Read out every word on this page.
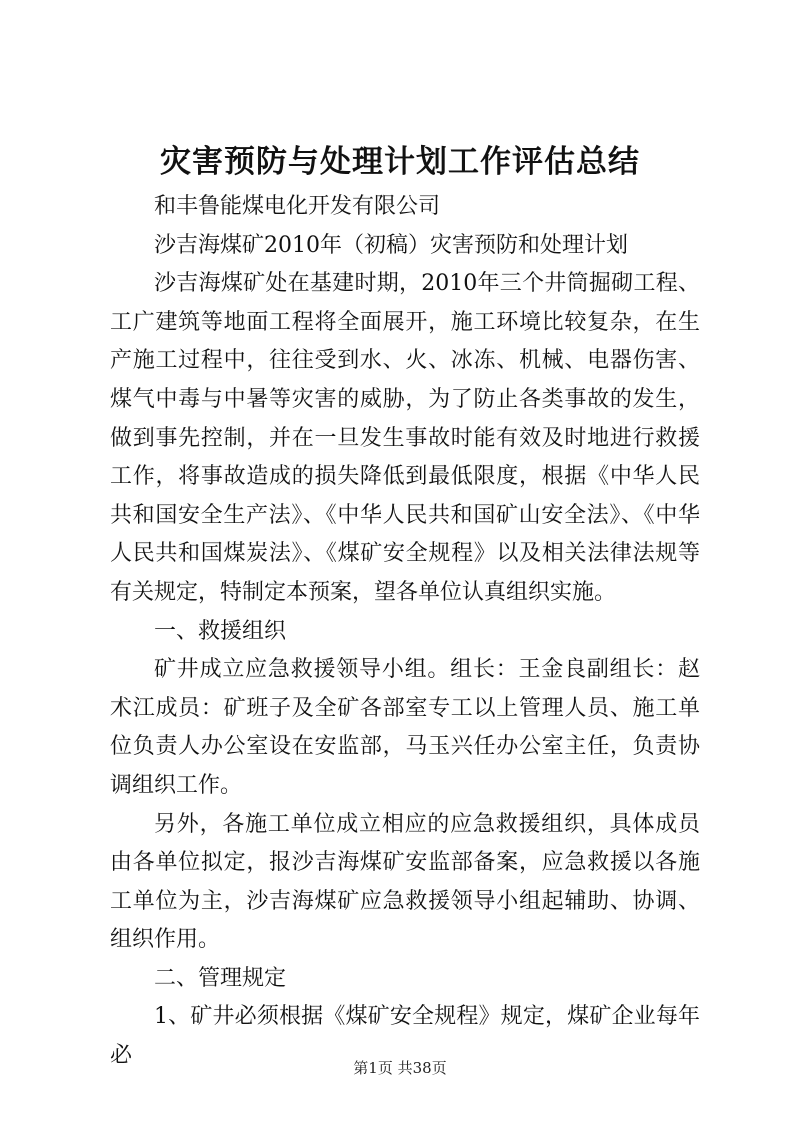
灾害预防与处理计划工作评估总结

和丰鲁能煤电化开发有限公司

沙吉海煤矿2010年（初稿）灾害预防和处理计划

沙吉海煤矿处在基建时期，2010年三个井筒掘砌工程、工广建筑等地面工程将全面展开，施工环境比较复杂，在生产施工过程中，往往受到水、火、冰冻、机械、电器伤害、煤气中毒与中暑等灾害的威胁，为了防止各类事故的发生，做到事先控制，并在一旦发生事故时能有效及时地进行救援工作，将事故造成的损失降低到最低限度，根据《中华人民共和国安全生产法》、《中华人民共和国矿山安全法》、《中华人民共和国煤炭法》、《煤矿安全规程》以及相关法律法规等有关规定，特制定本预案，望各单位认真组织实施。

一、救援组织

矿井成立应急救援领导小组。组长：王金良副组长：赵术江成员：矿班子及全矿各部室专工以上管理人员、施工单位负责人办公室设在安监部，马玉兴任办公室主任，负责协调组织工作。

另外，各施工单位成立相应的应急救援组织，具体成员由各单位拟定，报沙吉海煤矿安监部备案，应急救援以各施工单位为主，沙吉海煤矿应急救援领导小组起辅助、协调、组织作用。

二、管理规定

1、矿井必须根据《煤矿安全规程》规定，煤矿企业每年必	第1页 共38页
